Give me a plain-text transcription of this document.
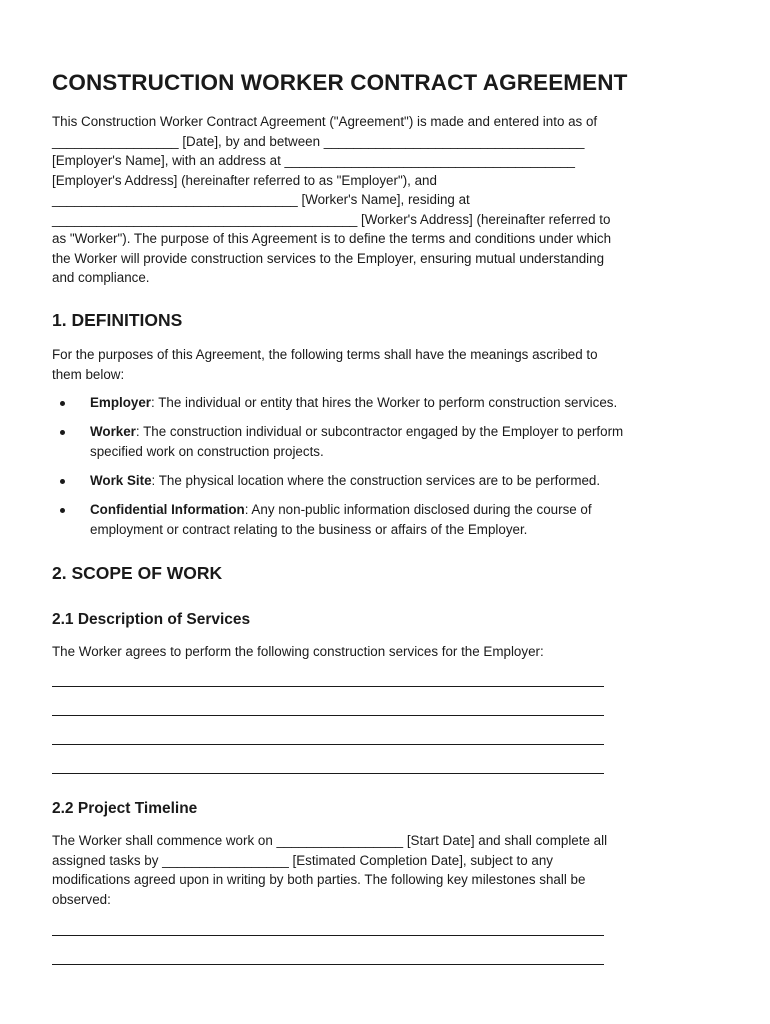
CONSTRUCTION WORKER CONTRACT AGREEMENT

This Construction Worker Contract Agreement ("Agreement") is made and entered into as of
_________________ [Date], by and between ___________________________________
[Employer's Name], with an address at _______________________________________
[Employer's Address] (hereinafter referred to as "Employer"), and
_________________________________ [Worker's Name], residing at
_________________________________________ [Worker's Address] (hereinafter referred to
as "Worker"). The purpose of this Agreement is to define the terms and conditions under which
the Worker will provide construction services to the Employer, ensuring mutual understanding
and compliance.

1. DEFINITIONS

For the purposes of this Agreement, the following terms shall have the meanings ascribed to
them below:

Employer: The individual or entity that hires the Worker to perform construction services.
Worker: The construction individual or subcontractor engaged by the Employer to perform
specified work on construction projects.
Work Site: The physical location where the construction services are to be performed.
Confidential Information: Any non-public information disclosed during the course of
employment or contract relating to the business or affairs of the Employer.
2. SCOPE OF WORK
2.1 Description of Services

The Worker agrees to perform the following construction services for the Employer:

2.2 Project Timeline

The Worker shall commence work on _________________ [Start Date] and shall complete all
assigned tasks by _________________ [Estimated Completion Date], subject to any
modifications agreed upon in writing by both parties. The following key milestones shall be
observed:
